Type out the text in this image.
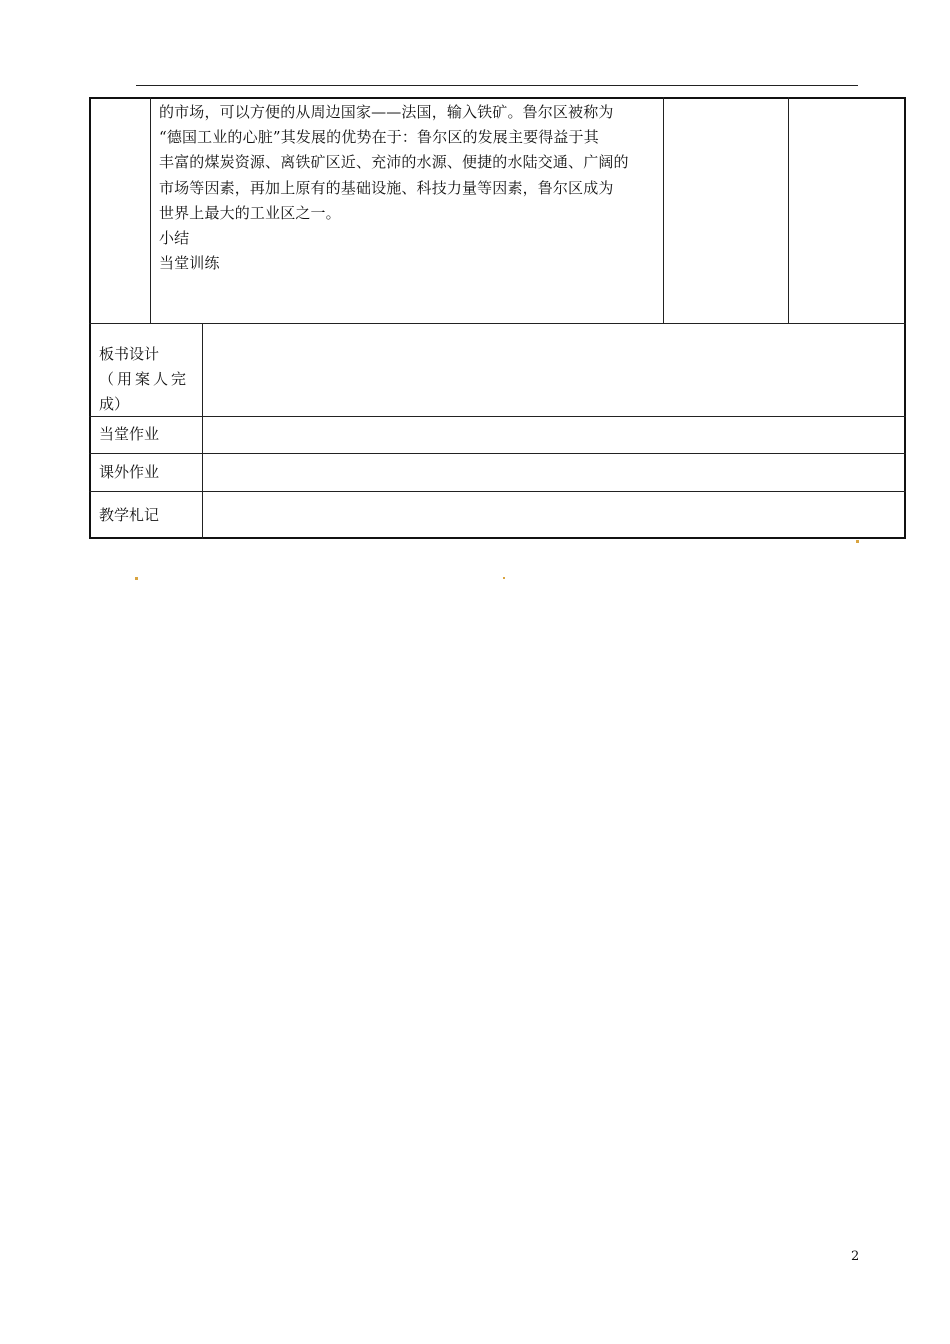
的市场，可以方便的从周边国家——法国，输入铁矿。鲁尔区被称为

“德国工业的心脏”其发展的优势在于：鲁尔区的发展主要得益于其

丰富的煤炭资源、离铁矿区近、充沛的水源、便捷的水陆交通、广阔的

市场等因素，再加上原有的基础设施、科技力量等因素，鲁尔区成为

世界上最大的工业区之一。

小结

当堂训练

板书设计
（用案人完
成）
当堂作业
课外作业
教学札记
2
